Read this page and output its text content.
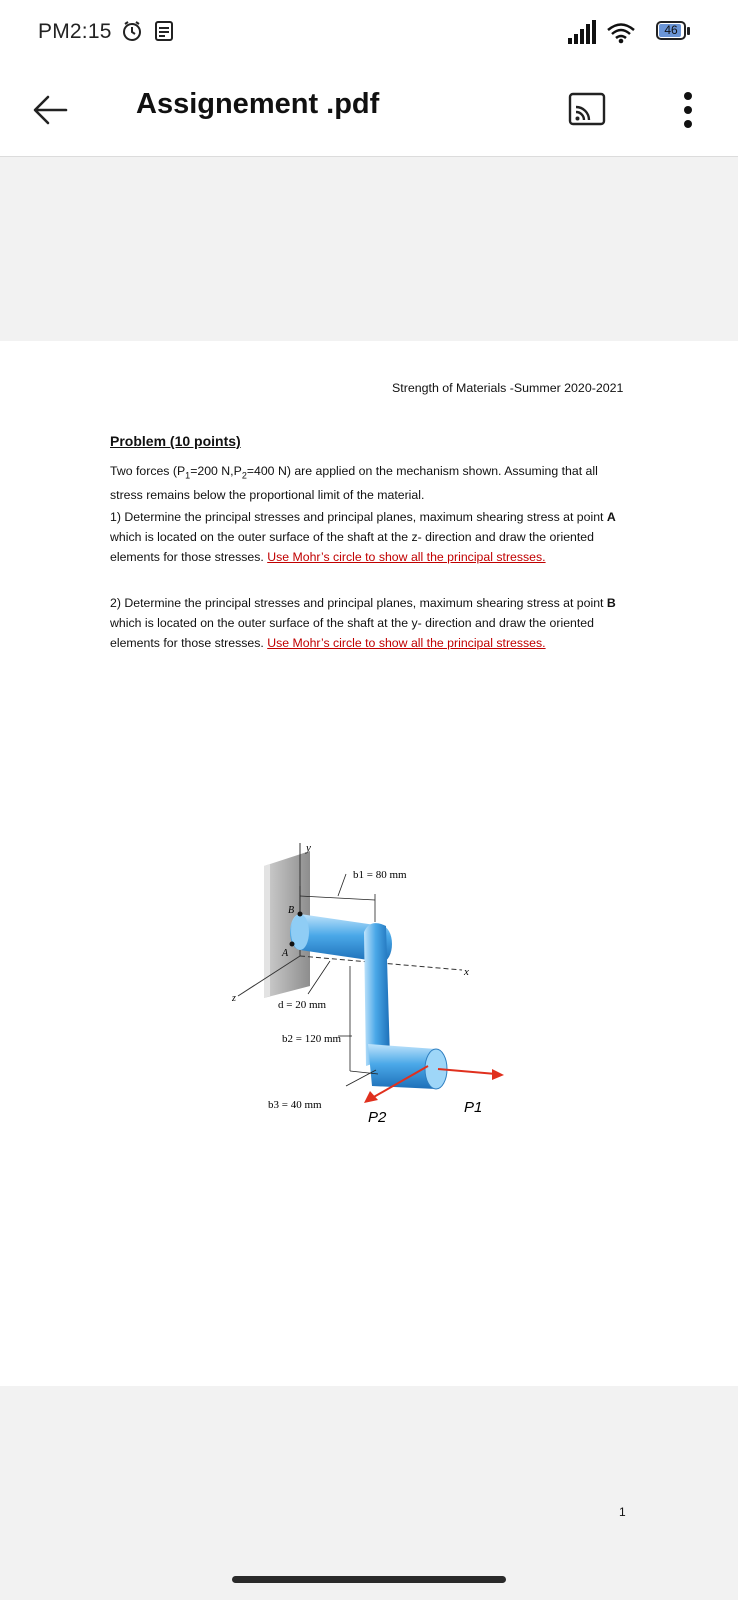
PM2:15	46
Assignement .pdf
Strength of Materials -Summer 2020-2021
Problem (10 points)
Two forces ($P_1=200$ $N,P_2=400$ N) are applied on the mechanism shown. Assuming that all stress remains below the proportional limit of the material.
1) Determine the principal stresses and principal planes, maximum shearing stress at point A which is located on the outer surface of the shaft at the z- direction and draw the oriented elements for those stresses. Use Mohr’s circle to show all the principal stresses.
2) Determine the principal stresses and principal planes, maximum shearing stress at point B which is located on the outer surface of the shaft at the y- direction and draw the oriented elements for those stresses. Use Mohr’s circle to show all the principal stresses.
y
x
z
A
B
b1 = 80 mm
d = 20 mm
b2 = 120 mm
b3 = 40 mm	P1
P2
1
